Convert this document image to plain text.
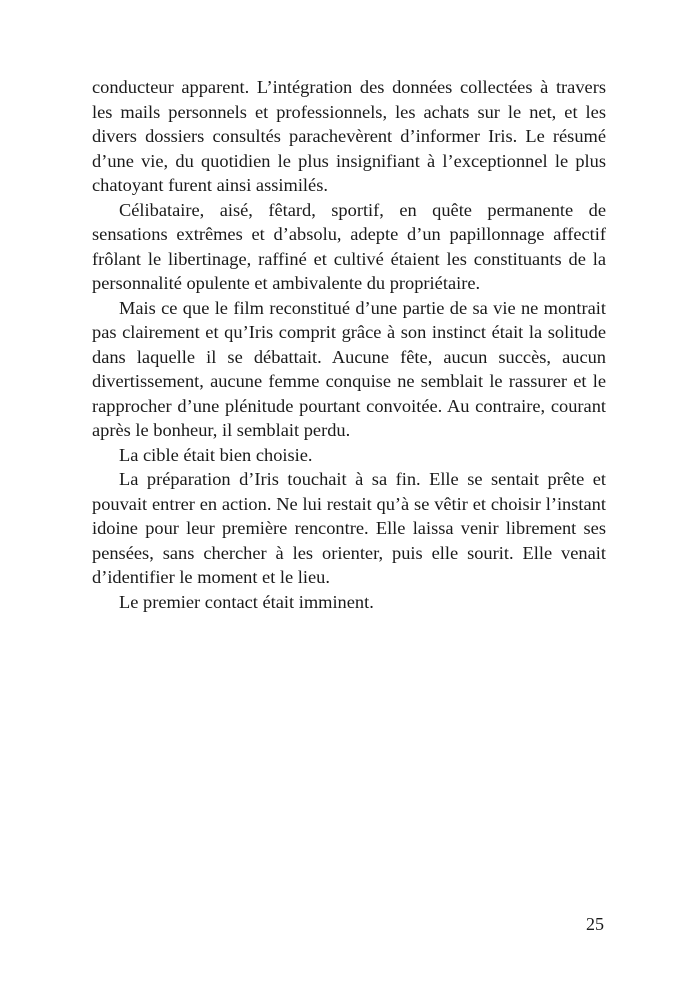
conducteur apparent. L’intégration des données collectées à travers les mails personnels et professionnels, les achats sur le net, et les divers dossiers consultés parachevèrent d’informer Iris. Le résumé d’une vie, du quotidien le plus insignifiant à l’exceptionnel le plus chatoyant furent ainsi assimilés.

Célibataire, aisé, fêtard, sportif, en quête permanente de sensations extrêmes et d’absolu, adepte d’un papillonnage affectif frôlant le libertinage, raffiné et cultivé étaient les constituants de la personnalité opulente et ambivalente du propriétaire.

Mais ce que le film reconstitué d’une partie de sa vie ne montrait pas clairement et qu’Iris comprit grâce à son instinct était la solitude dans laquelle il se débattait. Aucune fête, aucun succès, aucun divertissement, aucune femme conquise ne semblait le rassurer et le rapprocher d’une plénitude pourtant convoitée. Au contraire, courant après le bonheur, il semblait perdu.

La cible était bien choisie.

La préparation d’Iris touchait à sa fin. Elle se sentait prête et pouvait entrer en action. Ne lui restait qu’à se vêtir et choisir l’instant idoine pour leur première rencontre. Elle laissa venir librement ses pensées, sans chercher à les orienter, puis elle sourit. Elle venait d’identifier le moment et le lieu.

Le premier contact était imminent.

25
